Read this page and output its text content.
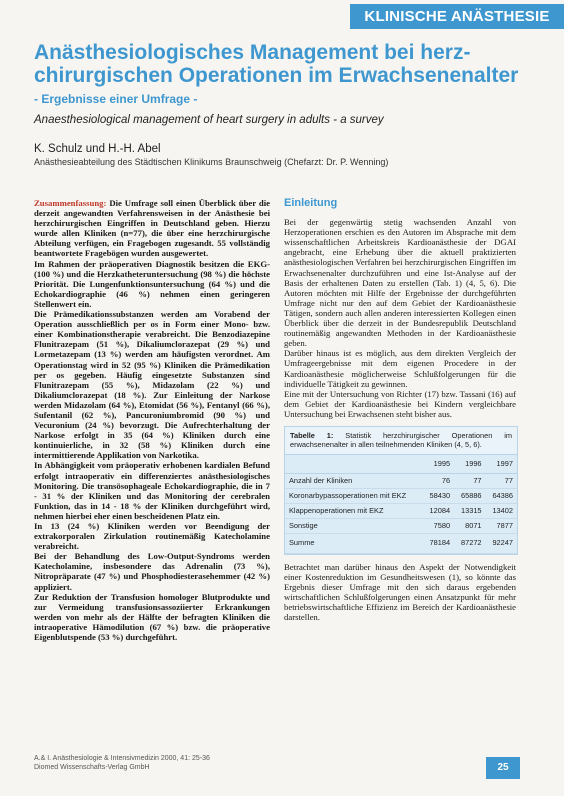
KLINISCHE ANÄSTHESIE
Anästhesiologisches Management bei herz-chirurgischen Operationen im Erwachsenenalter
- Ergebnisse einer Umfrage -
Anaesthesiological management of heart surgery in adults - a survey
K. Schulz und H.-H. Abel
Anästhesieabteilung des Städtischen Klinikums Braunschweig (Chefarzt: Dr. P. Wenning)

Zusammenfassung: Die Umfrage soll einen Überblick über die derzeit angewandten Verfahrensweisen in der Anästhesie bei herzchirurgischen Eingriffen in Deutschland geben. Hierzu wurde allen Kliniken (n=77), die über eine herzchirurgische Abteilung verfügen, ein Fragebogen zugesandt. 55 vollständig beantwortete Fragebögen wurden ausgewertet.

Im Rahmen der präoperativen Diagnostik besitzen die EKG- (100 %) und die Herzkatheteruntersuchung (98 %) die höchste Priorität. Die Lungenfunktionsuntersuchung (64 %) und die Echokardiographie (46 %) nehmen einen geringeren Stellenwert ein.

Die Prämedikationssubstanzen werden am Vorabend der Operation ausschließlich per os in Form einer Mono- bzw. einer Kombinationstherapie verabreicht. Die Benzodiazepine Flunitrazepam (51 %), Dikaliumclorazepat (29 %) und Lormetazepam (13 %) werden am häufigsten verordnet. Am Operationstag wird in 52 (95 %) Kliniken die Prämedikation per os gegeben. Häufig eingesetzte Substanzen sind Flunitrazepam (55 %), Midazolam (22 %) und Dikaliumclorazepat (18 %). Zur Einleitung der Narkose werden Midazolam (64 %), Etomidat (56 %), Fentanyl (66 %), Sufentanil (62 %), Pancuroniumbromid (90 %) und Vecuronium (24 %) bevorzugt. Die Aufrechterhaltung der Narkose erfolgt in 35 (64 %) Kliniken durch eine kontinuierliche, in 32 (58 %) Kliniken durch eine intermittierende Applikation von Narkotika.

In Abhängigkeit vom präoperativ erhobenen kardialen Befund erfolgt intraoperativ ein differenziertes anästhesiologisches Monitoring. Die transösophageale Echokardiographie, die in 7 - 31 % der Kliniken und das Monitoring der cerebralen Funktion, das in 14 - 18 % der Kliniken durchgeführt wird, nehmen hierbei eher einen bescheidenen Platz ein.

In 13 (24 %) Kliniken werden vor Beendigung der extrakorporalen Zirkulation routinemäßig Katecholamine verabreicht.

Bei der Behandlung des Low-Output-Syndroms werden Katecholamine, insbesondere das Adrenalin (73 %), Nitropräparate (47 %) und Phosphodiesterasehemmer (42 %) appliziert.

Zur Reduktion der Transfusion homologer Blutprodukte und zur Vermeidung transfusionsassoziierter Erkrankungen werden von mehr als der Hälfte der befragten Kliniken die intraoperative Hämodilution (67 %) bzw. die präoperative Eigenblutspende (53 %) durchgeführt.

Einleitung

Bei der gegenwärtig stetig wachsenden Anzahl von Herzoperationen erschien es den Autoren im Absprache mit dem wissenschaftlichen Arbeitskreis Kardioanästhesie der DGAI angebracht, eine Erhebung über die aktuell praktizierten anästhesiologischen Verfahren bei herzchirurgischen Eingriffen im Erwachsenenalter durchzuführen und eine Ist-Analyse auf der Basis der erhaltenen Daten zu erstellen (Tab. 1) (4, 5, 6). Die Autoren möchten mit Hilfe der Ergebnisse der durchgeführten Umfrage nicht nur den auf dem Gebiet der Kardioanästhesie Tätigen, sondern auch allen anderen interessierten Kollegen einen Überblick über die derzeit in der Bundesrepublik Deutschland routinemäßig angewandten Methoden in der Kardioanästhesie geben.

Darüber hinaus ist es möglich, aus dem direkten Vergleich der Umfrageergebnisse mit dem eigenen Procedere in der Kardioanästhesie möglicherweise Schlußfolgerungen für die individuelle Tätigkeit zu gewinnen.

Eine mit der Untersuchung von Richter (17) bzw. Tassani (16) auf dem Gebiet der Kardioanästhesie bei Kindern vergleichbare Untersuchung bei Erwachsenen steht bisher aus.

Tabelle 1: Statistik herzchirurgischer Operationen im erwachsenenalter in allen teilnehmenden Kliniken (4, 5, 6).
	1995	1996	1997
Anzahl der Kliniken	76	77	77
Koronarbypassoperationen mit EKZ	58430	65886	64386
Klappenoperationen mit EKZ	12084	13315	13402
Sonstige	7580	8071	7877
Summe	78184	87272	92247

Betrachtet man darüber hinaus den Aspekt der Notwendigkeit einer Kostenreduktion im Gesundheitswesen (1), so könnte das Ergebnis dieser Umfrage mit den sich daraus ergebenden wirtschaftlichen Schlußfolgerungen einen Ansatzpunkt für mehr betriebswirtschaftliche Effizienz im Bereich der Kardioanästhesie darstellen.

A.& I. Anästhesiologie & Intensivmedizin 2000, 41: 25-36
Diomed Wissenschafts-Verlag GmbH	25
